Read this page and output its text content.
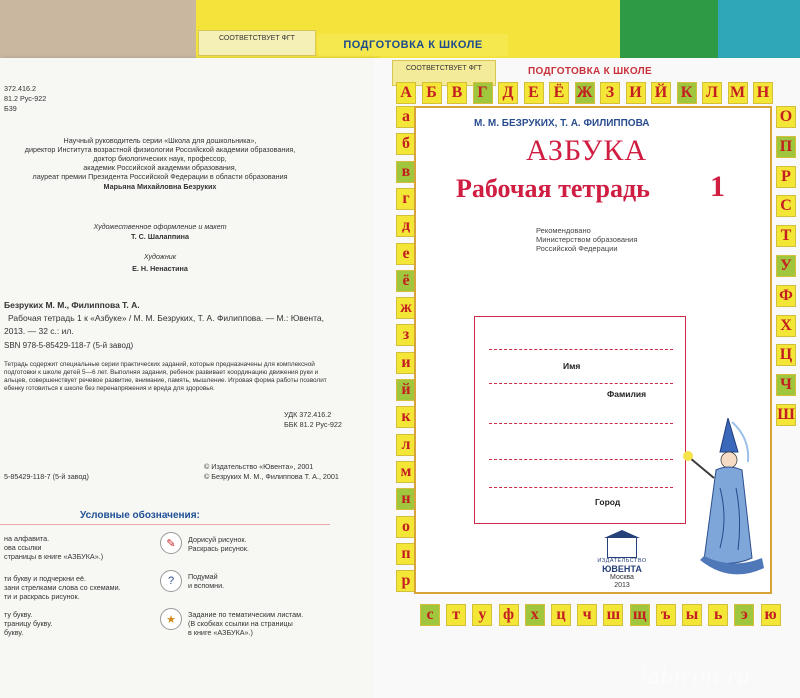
СООТВЕТСТВУЕТ ФГТ
ПОДГОТОВКА К ШКОЛЕ
372.416.2
81.2 Рус-922
Б39
Научный руководитель серии «Школа для дошкольника»,
директор Института возрастной физиологии Российской академии образования,
доктор биологических наук, профессор,
академик Российской академии образования,
лауреат премии Президента Российской Федерации в области образования
Марьяна Михайловна Безруких
Художественное оформление и макет
Т. С. Шалаппина
Художник
Е. Н. Ненастина
Безруких М. М., Филиппова Т. А.
Рабочая тетрадь 1 к «Азбуке» / М. М. Безруких, Т. А. Филиппова. — М.: Ювента,
2013. — 32 с.: ил.
SBN 978-5-85429-118-7 (5-й завод)
Тетрадь содержит специальные серии практических заданий, которые предназначены для комплексной
подготовки к школе детей 5—6 лет. Выполняя задания, ребенок развивает координацию движения руки и
альцев, совершенствует речевое развитие, внимание, память, мышление. Игровая форма работы позволит
ебенку готовиться к школе без перенапряжения и вреда для здоровья.
УДК 372.416.2
ББК 81.2 Рус-922
© Издательство «Ювента», 2001
© Безруких М. М., Филиппова Т. А., 2001
5-85429-118-7 (5-й завод)
Условные обозначения:
на алфавита.
ова ссылки
страницы в книге «АЗБУКА».)
ти букву и подчеркни её.
зани стрелками слова со схемами.
ти и раскрась рисунок.
ту букву.
траницу букву.
букву.
✎	Дорисуй рисунок.
Раскрась рисунок.
?	Подумай
и вспомни.
★	Задание по тематическим листам.
(В скобках ссылки на страницы
в книге «АЗБУКА».)
СООТВЕТСТВУЕТ ФГТ	ПОДГОТОВКА К ШКОЛЕ
А Б В Г Д Е Ё Ж З И Й К Л М Н
а
б
в
г
д
е
ё
ж
з
и
й
к
л
м
н
о
п
р
О
П
Р
С
Т
У
Ф
Х
Ц
Ч
Ш
с	т	у	ф	х	ц	ч ш щ ъ ы ь	э	ю
М. М. БЕЗРУКИХ, Т. А. ФИЛИППОВА
АЗБУКА
Рабочая тетрадь 1
Рекомендовано
Министерством образования
Российской Федерации
Имя
Фамилия
Город
ИЗДАТЕЛЬСТВО
ЮВЕНТА
Москва
2013
labirint.ru
